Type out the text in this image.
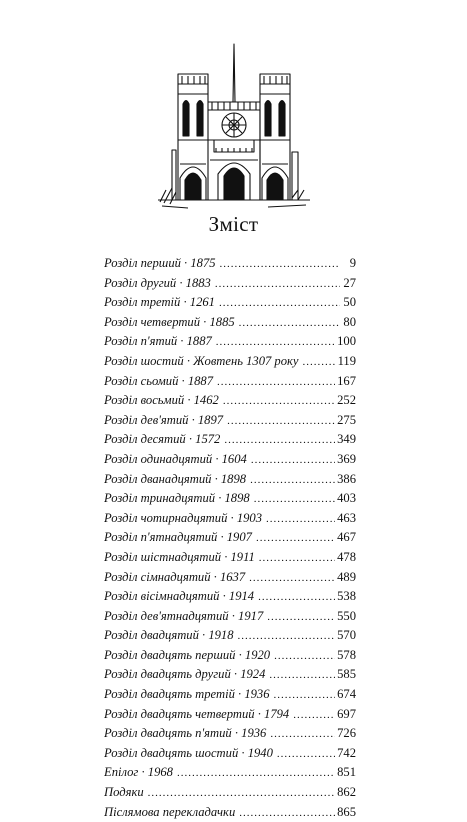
Зміст
Розділ перший · 1875 .....	9
Розділ другий · 1883 .....	27
Розділ третій · 1261 .....	50
Розділ четвертий · 1885 .....	80
Розділ п'ятий · 1887 .....	100
Розділ шостий · Жовтень 1307 року .....	119
Розділ сьомий · 1887 .....	167
Розділ восьмий · 1462 .....	252
Розділ дев'ятий · 1897 .....	275
Розділ десятий · 1572 .....	349
Розділ одинадцятий · 1604 .....	369
Розділ дванадцятий · 1898 .....	386
Розділ тринадцятий · 1898 .....	403
Розділ чотирнадцятий · 1903 .....	463
Розділ п'ятнадцятий · 1907 .....	467
Розділ шістнадцятий · 1911 .....	478
Розділ сімнадцятий · 1637 .....	489
Розділ вісімнадцятий · 1914 .....	538
Розділ дев'ятнадцятий · 1917 .....	550
Розділ двадцятий · 1918 .....	570
Розділ двадцять перший · 1920 .....	578
Розділ двадцять другий · 1924 .....	585
Розділ двадцять третій · 1936 .....	674
Розділ двадцять четвертий · 1794 .....	697
Розділ двадцять п'ятий · 1936 .....	726
Розділ двадцять шостий · 1940 .....	742
Епілог · 1968 .....	851
Подяки .....	862
Післямова перекладачки .....	865
